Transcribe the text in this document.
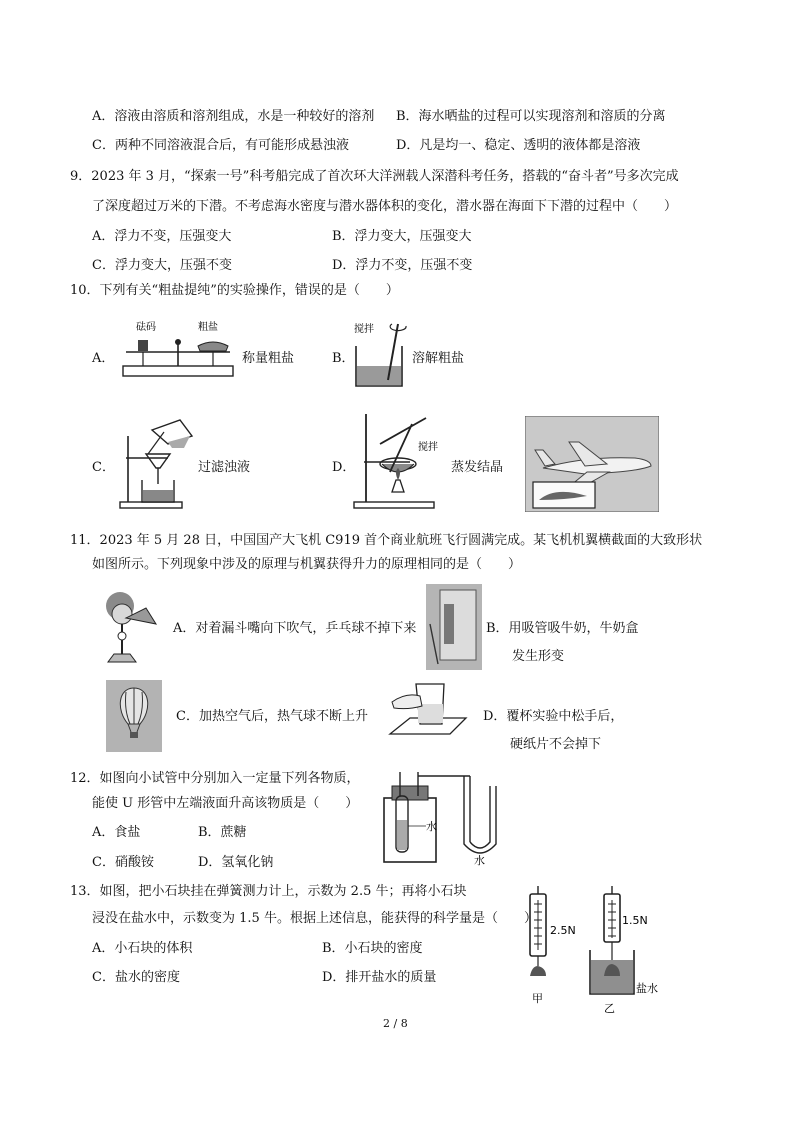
A．溶液由溶质和溶剂组成，水是一种较好的溶剂 B．海水晒盐的过程可以实现溶剂和溶质的分离
C．两种不同溶液混合后，有可能形成悬浊液	D．凡是均一、稳定、透明的液体都是溶液
9．2023 年 3 月，“探索一号”科考船完成了首次环大洋洲载人深潜科考任务，搭载的“奋斗者”号多次完成
了深度超过万米的下潜。不考虑海水密度与潜水器体积的变化，潜水器在海面下下潜的过程中（　　）
A．浮力不变，压强变大	B．浮力变大，压强变大
C．浮力变大，压强不变	D．浮力不变，压强不变
10．下列有关“粗盐提纯”的实验操作，错误的是（　　）
A．
砝码	粗盐
称量粗盐	B．
搅拌
溶解粗盐
C．	过滤浊液	D．
搅拌
蒸发结晶
11．2023 年 5 月 28 日，中国国产大飞机 C919 首个商业航班飞行圆满完成。某飞机机翼横截面的大致形状
如图所示。下列现象中涉及的原理与机翼获得升力的原理相同的是（　　）
A．对着漏斗嘴向下吹气，乒乓球不掉下来	B．用吸管吸牛奶，牛奶盒
发生形变
C．加热空气后，热气球不断上升	D．覆杯实验中松手后，
硬纸片不会掉下
12．如图向小试管中分别加入一定量下列各物质，
能使 U 形管中左端液面升高该物质是（　　）
A．食盐	B．蔗糖
C．硝酸铵	D．氢氧化钠
水
水
13．如图，把小石块挂在弹簧测力计上，示数为 2.5 牛；再将小石块
浸没在盐水中，示数变为 1.5 牛。根据上述信息，能获得的科学量是（　　）
A．小石块的体积	B．小石块的密度
C．盐水的密度	D．排开盐水的质量
2.5N
甲
1.5N
盐水
乙
2 / 8
